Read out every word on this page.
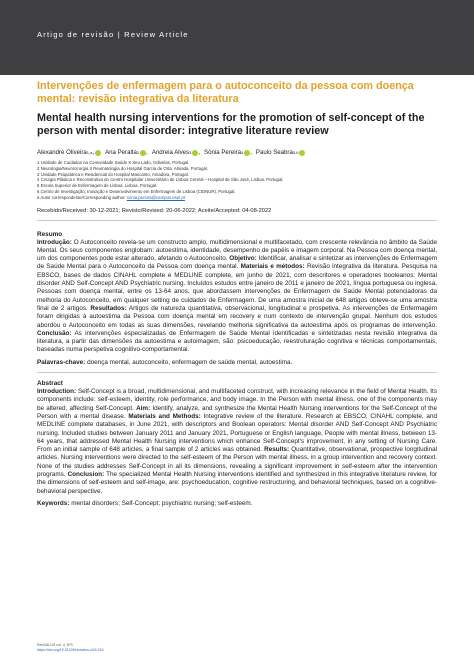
Artigo de revisão | Review Article
Intervenções de enfermagem para o autoconceito da pessoa com doença mental: revisão integrativa da literatura
Mental health nursing interventions for the promotion of self-concept of the person with mental disorder: integrative literature review
Alexandre Oliveira 1,a ,	Ana Peralta 2 , Andreia Alves 3 , Sónia Pereira 4 , Paulo Seabra 5,6
1 Unidade de Cuidados na Comunidade Saúde X Seu Lado, Odivelas, Portugal.
2 Neurologia/Neurocirurgia II Reumatologia do Hospital Garcia de Orta, Almada, Portugal.
3 Unidade Psiquiátrica e Residencial do Hospital Mancanto, Amadora, Portugal.
4 Cirurgia Plástica e Reconstrutiva do Centro Hospitalar Universitário de Lisboa Central – Hospital de São José, Lisboa, Portugal.
5 Escola Superior de Enfermagem de Lisboa, Lisboa, Portugal.
6 Centro de Investigação, Inovação e Desenvolvimento em Enfermagem de Lisboa (CIDNUR), Portugal.
a Autor correspondente/Corresponding author: sonia.pereira@campus.esel.pt
Recebido/Received: 30-12-2021; Revisto/Revised: 20-06-2022; Aceite/Accepted: 04-08-2022

Resumo

Introdução: O Autoconceito revela-se um constructo amplo, multidimensional e multifacetado, com crescente relevância no âmbito da Saúde Mental. Os seus componentes englobam: autoestima, identidade, desempenho de papéis e imagem corporal. Na Pessoa com doença mental, um dos componentes pode estar alterado, afetando o Autoconceito. Objetivo: Identificar, analisar e sintetizar as intervenções de Enfermagem de Saúde Mental para o Autoconceito da Pessoa com doença mental. Materiais e métodos: Revisão integrativa da literatura. Pesquisa na EBSCO, bases de dados CINAHL complete e MEDLINE complete, em junho de 2021, com descritores e operadores booleanos: Mental disorder AND Self-Concept AND Psychiatric nursing. Incluídos estudos entre janeiro de 2011 e janeiro de 2021, língua portuguesa ou inglesa, Pessoas com doença mental, entre os 13-64 anos, que abordassem intervenções de Enfermagem de Saúde Mental potenciadoras da melhoria do Autoconceito, em qualquer setting de cuidados de Enfermagem. De uma amostra inicial de 648 artigos obteve-se uma amostra final de 2 artigos. Resultados: Artigos de natureza quantitativa, observacional, longitudinal e prospetiva. As intervenções de Enfermagem foram dirigidas à autoestima da Pessoa com doença mental em recovery e num contexto de intervenção grupal. Nenhum dos estudos abordou o Autoconceito em todas as suas dimensões, revelando melhoria significativa da autoestima após os programas de intervenção. Conclusão: As intervenções especializadas de Enfermagem de Saúde Mental identificadas e sintetizadas nesta revisão integrativa da literatura, a partir das dimensões da autoestima e autoimagem, são: psicoeducação, reestruturação cognitiva e técnicas comportamentais, baseadas numa perspetiva cognitivo-comportamental.

Palavras-chave: doença mental, autoconceito, enfermagem de saúde mental, autoestima.

Abstract

Introduction: Self-Concept is a broad, multidimensional, and multifaceted construct, with increasing relevance in the field of Mental Health. Its components include: self-esteem, identity, role performance, and body image. In the Person with mental illness, one of the components may be altered, affecting Self-Concept. Aim: Identify, analyze, and synthesize the Mental Health Nursing interventions for the Self-Concept of the Person with a mental disease. Materials and Methods: Integrative review of the literature. Research at EBSCO, CINAHL complete, and MEDLINE complete databases, in June 2021, with descriptors and Boolean operators: Mental disorder AND Self-Concept AND Psychiatric nursing. Included studies between January 2011 and January 2021, Portuguese or English language, People with mental illness, between 13-64 years, that addressed Mental Health Nursing interventions which enhance Self-Concept's improvement, in any setting of Nursing Care. From an initial sample of 648 articles, a final sample of 2 articles was obtained. Results: Quantitative, observational, prospective longitudinal articles. Nursing interventions were directed to the self-esteem of the Person with mental illness, in a group intervention and recovery context. None of the studies addresses Self-Concept in all its dimensions, revealing a significant improvement in self-esteem after the intervention programs. Conclusion: The specialized Mental Health Nursing interventions identified and synthesized in this integrative literature review, for the dimensions of self-esteem and self-image, are: psychoeducation, cognitive restructuring, and behavioral techniques, based on a cognitive-behavioral perspective.

Keywords: mental disorders; Self-Concept; psychiatric nursing; self-esteem.
RevSALUS vol. 4, Nº3
https://doi.org/10.51126/revsalus.v4i3.216
